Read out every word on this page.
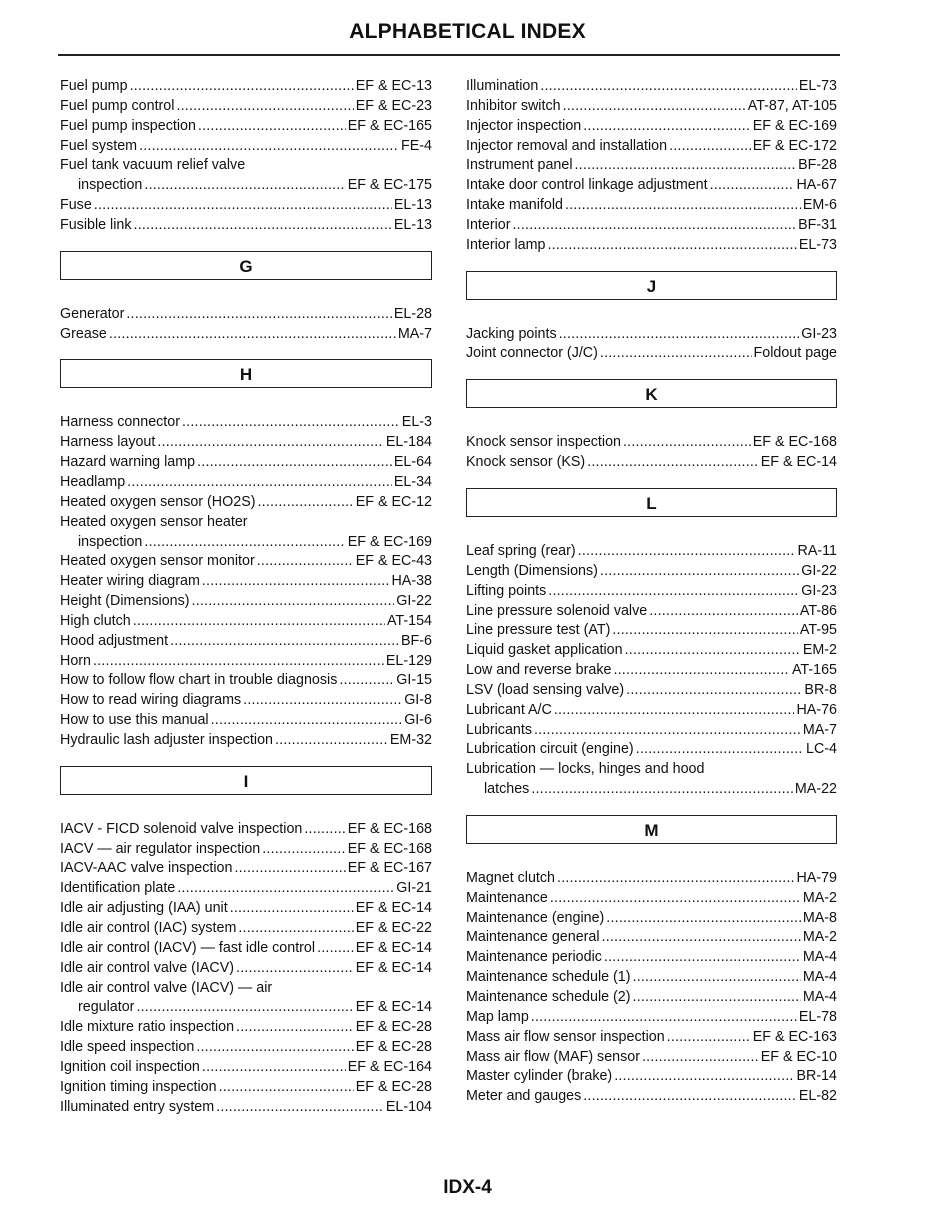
ALPHABETICAL INDEX
Fuel pump .....	EF & EC-13
Fuel pump control .....	EF & EC-23
Fuel pump inspection .....	EF & EC-165
Fuel system .....	FE-4
Fuel tank vacuum relief valve
inspection .....	EF & EC-175
Fuse .....	EL-13
Fusible link .....	EL-13
G
Generator .....	EL-28
Grease .....	MA-7
H
Harness connector .....	EL-3
Harness layout .....	EL-184
Hazard warning lamp .....	EL-64
Headlamp .....	EL-34
Heated oxygen sensor (HO2S) .....	EF & EC-12
Heated oxygen sensor heater
inspection .....	EF & EC-169
Heated oxygen sensor monitor .....	EF & EC-43
Heater wiring diagram .....	HA-38
Height (Dimensions) .....	GI-22
High clutch .....	AT-154
Hood adjustment .....	BF-6
Horn .....	EL-129
How to follow flow chart in trouble diagnosis .....	GI-15
How to read wiring diagrams .....	GI-8
How to use this manual .....	GI-6
Hydraulic lash adjuster inspection .....	EM-32
I
IACV - FICD solenoid valve inspection .....	EF & EC-168
IACV — air regulator inspection .....	EF & EC-168
IACV-AAC valve inspection .....	EF & EC-167
Identification plate .....	GI-21
Idle air adjusting (IAA) unit .....	EF & EC-14
Idle air control (IAC) system .....	EF & EC-22
Idle air control (IACV) — fast idle control .....	EF & EC-14
Idle air control valve (IACV) .....	EF & EC-14
Idle air control valve (IACV) — air
regulator .....	EF & EC-14
Idle mixture ratio inspection .....	EF & EC-28
Idle speed inspection .....	EF & EC-28
Ignition coil inspection .....	EF & EC-164
Ignition timing inspection .....	EF & EC-28
Illuminated entry system .....	EL-104
Illumination .....	EL-73
Inhibitor switch .....	AT-87, AT-105
Injector inspection .....	EF & EC-169
Injector removal and installation .....	EF & EC-172
Instrument panel .....	BF-28
Intake door control linkage adjustment .....	HA-67
Intake manifold .....	EM-6
Interior .....	BF-31
Interior lamp .....	EL-73
J
Jacking points .....	GI-23
Joint connector (J/C) .....	Foldout page
K
Knock sensor inspection .....	EF & EC-168
Knock sensor (KS) .....	EF & EC-14
L
Leaf spring (rear) .....	RA-11
Length (Dimensions) .....	GI-22
Lifting points .....	GI-23
Line pressure solenoid valve .....	AT-86
Line pressure test (AT) .....	AT-95
Liquid gasket application .....	EM-2
Low and reverse brake .....	AT-165
LSV (load sensing valve) .....	BR-8
Lubricant A/C .....	HA-76
Lubricants .....	MA-7
Lubrication circuit (engine) .....	LC-4
Lubrication — locks, hinges and hood
latches .....	MA-22
M
Magnet clutch .....	HA-79
Maintenance .....	MA-2
Maintenance (engine) .....	MA-8
Maintenance general .....	MA-2
Maintenance periodic .....	MA-4
Maintenance schedule (1) .....	MA-4
Maintenance schedule (2) .....	MA-4
Map lamp .....	EL-78
Mass air flow sensor inspection .....	EF & EC-163
Mass air flow (MAF) sensor .....	EF & EC-10
Master cylinder (brake) .....	BR-14
Meter and gauges .....	EL-82
IDX-4
